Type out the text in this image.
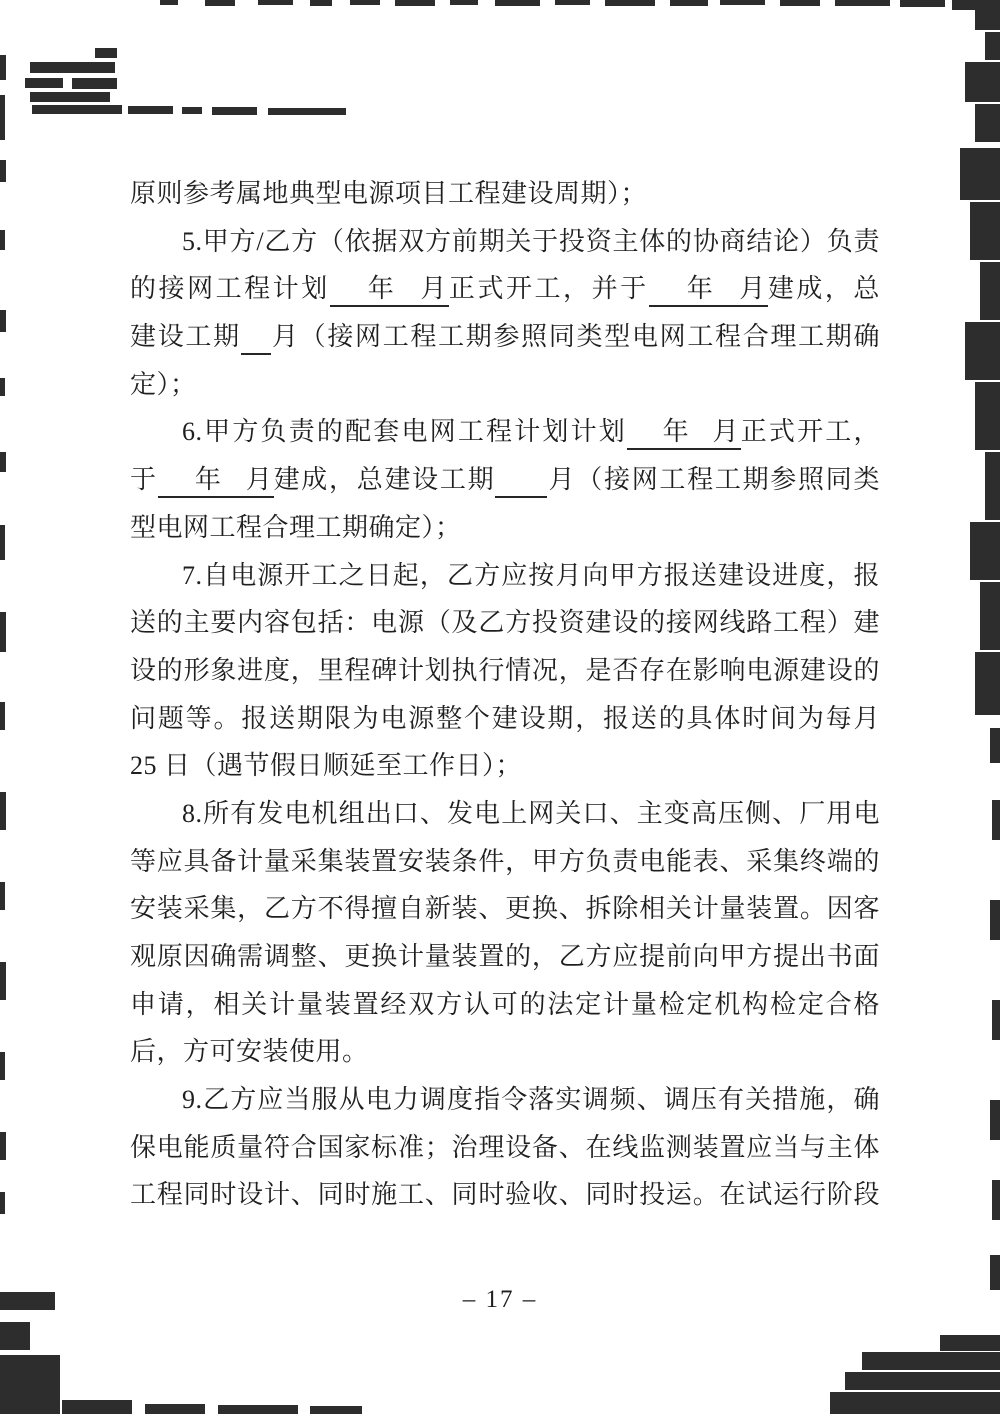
原则参考属地典型电源项目工程建设周期）；
5.甲方/乙方（依据双方前期关于投资主体的协商结论）负责
的接网工程计划 年 月正式开工，并于 年 月建成，总
建设工期 月（接网工程工期参照同类型电网工程合理工期确
定）；
6.甲方负责的配套电网工程计划计划 年 月正式开工，
于 年 月建成，总建设工期 月（接网工程工期参照同类
型电网工程合理工期确定）；
7.自电源开工之日起，乙方应按月向甲方报送建设进度，报
送的主要内容包括：电源（及乙方投资建设的接网线路工程）建
设的形象进度，里程碑计划执行情况，是否存在影响电源建设的
问题等。报送期限为电源整个建设期，报送的具体时间为每月
25 日（遇节假日顺延至工作日）；
8.所有发电机组出口、发电上网关口、主变高压侧、厂用电
等应具备计量采集装置安装条件，甲方负责电能表、采集终端的
安装采集，乙方不得擅自新装、更换、拆除相关计量装置。因客
观原因确需调整、更换计量装置的，乙方应提前向甲方提出书面
申请，相关计量装置经双方认可的法定计量检定机构检定合格
后，方可安装使用。
9.乙方应当服从电力调度指令落实调频、调压有关措施，确
保电能质量符合国家标准；治理设备、在线监测装置应当与主体
工程同时设计、同时施工、同时验收、同时投运。在试运行阶段
– 17 –
